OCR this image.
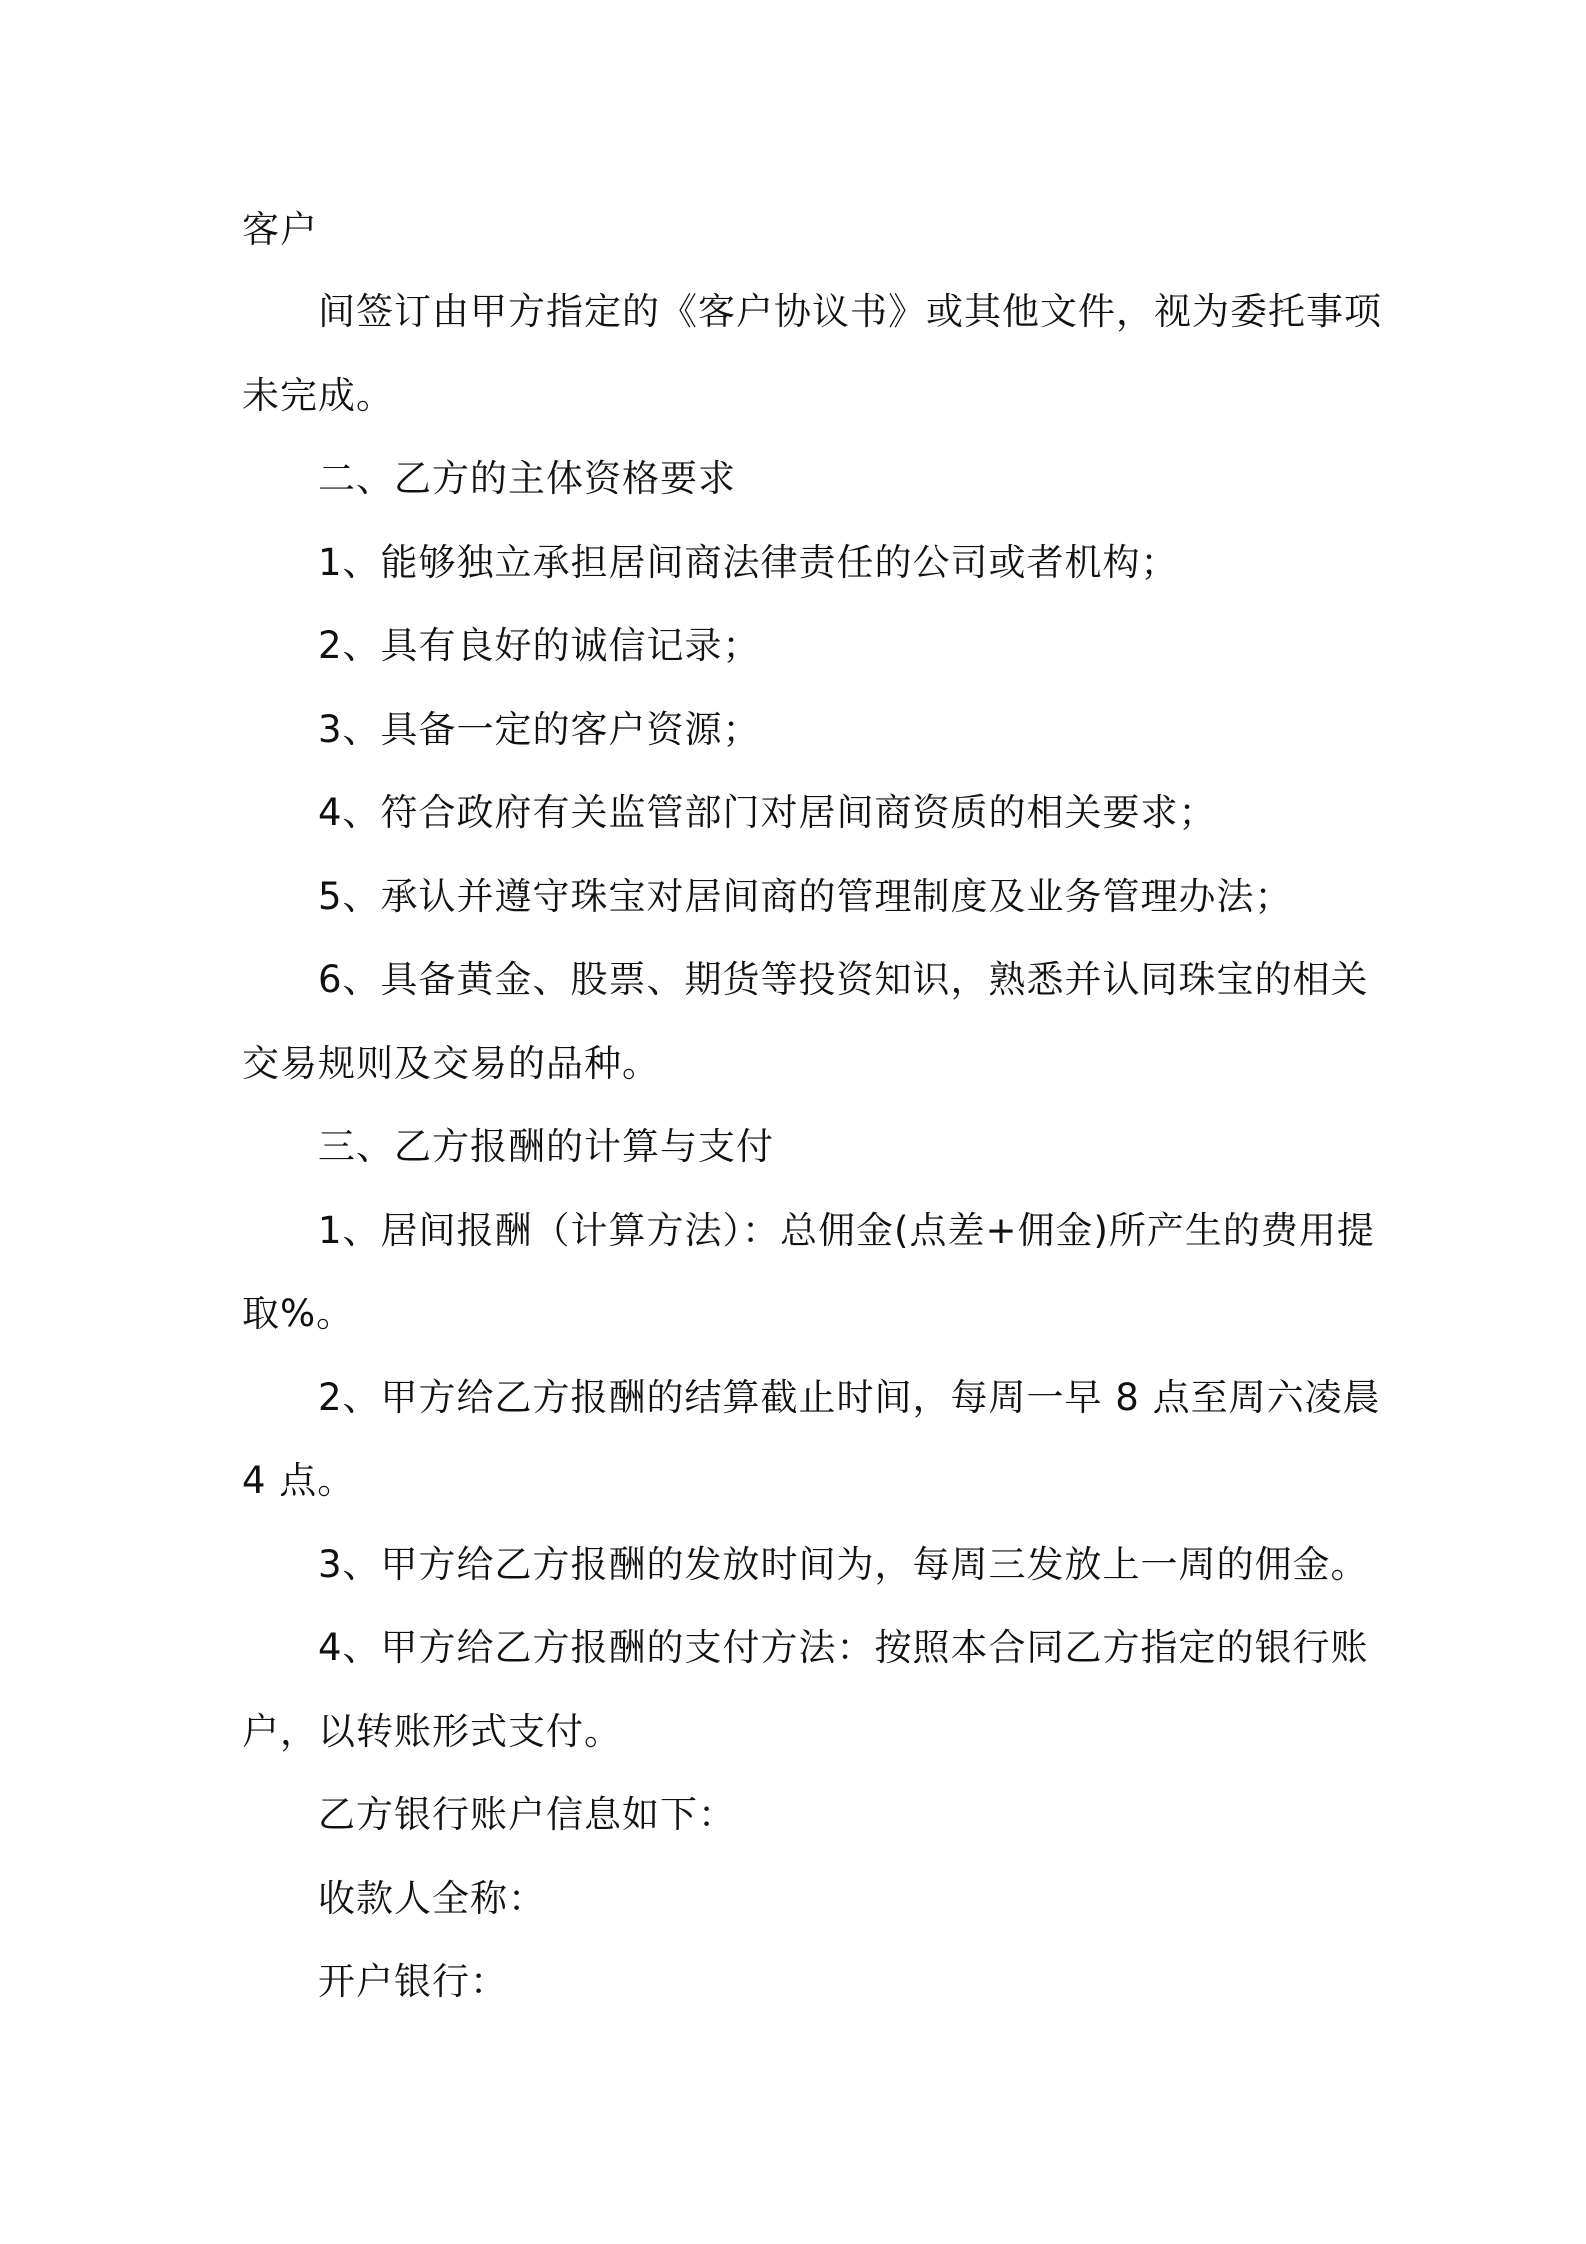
客户
间签订由甲方指定的《客户协议书》或其他文件，视为委托事项
未完成。
二、乙方的主体资格要求
1、能够独立承担居间商法律责任的公司或者机构；
2、具有良好的诚信记录；
3、具备一定的客户资源；
4、符合政府有关监管部门对居间商资质的相关要求；
5、承认并遵守珠宝对居间商的管理制度及业务管理办法；
6、具备黄金、股票、期货等投资知识，熟悉并认同珠宝的相关
交易规则及交易的品种。
三、乙方报酬的计算与支付
1、居间报酬（计算方法）：总佣金(点差+佣金)所产生的费用提
取%。
2、甲方给乙方报酬的结算截止时间，每周一早 8 点至周六凌晨
4 点。
3、甲方给乙方报酬的发放时间为，每周三发放上一周的佣金。
4、甲方给乙方报酬的支付方法：按照本合同乙方指定的银行账
户，以转账形式支付。
乙方银行账户信息如下：
收款人全称：
开户银行：
